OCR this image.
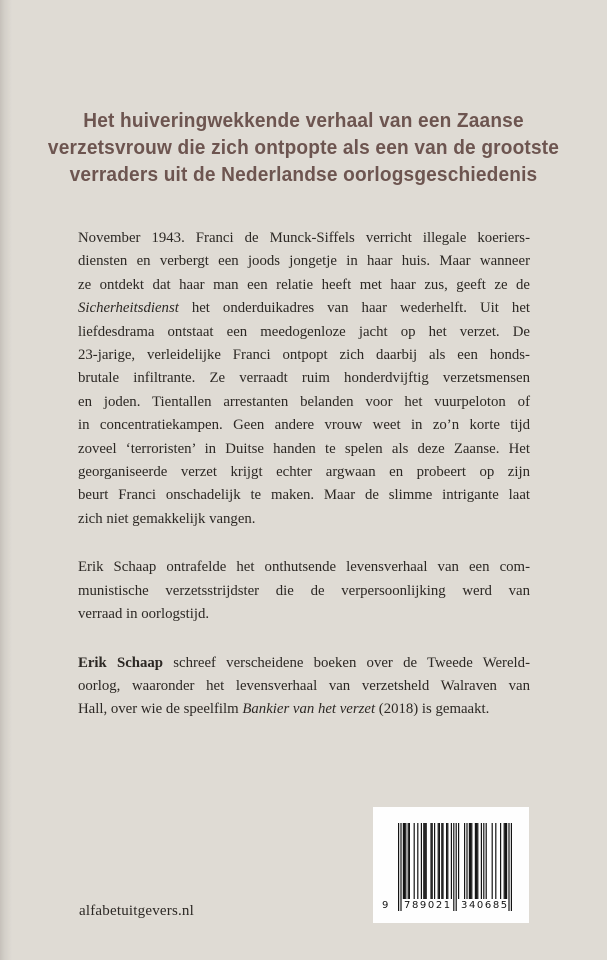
Het huiveringwekkende verhaal van een Zaanse
verzetsvrouw die zich ontpopte als een van de grootste
verraders uit de Nederlandse oorlogsgeschiedenis
November 1943. Franci de Munck-Siffels verricht illegale koeriers-
diensten en verbergt een joods jongetje in haar huis. Maar wanneer
ze ontdekt dat haar man een relatie heeft met haar zus, geeft ze de
Sicherheitsdienst het onderduikadres van haar wederhelft. Uit het
liefdesdrama ontstaat een meedogenloze jacht op het verzet. De
23-jarige, verleidelijke Franci ontpopt zich daarbij als een honds-
brutale infiltrante. Ze verraadt ruim honderdvijftig verzetsmensen
en joden. Tientallen arrestanten belanden voor het vuurpeloton of
in concentratiekampen. Geen andere vrouw weet in zo’n korte tijd
zoveel ‘terroristen’ in Duitse handen te spelen als deze Zaanse. Het
georganiseerde verzet krijgt echter argwaan en probeert op zijn
beurt Franci onschadelijk te maken. Maar de slimme intrigante laat
zich niet gemakkelijk vangen.
Erik Schaap ontrafelde het onthutsende levensverhaal van een com-
munistische verzetsstrijdster die de verpersoonlijking werd van
verraad in oorlogstijd.
Erik Schaap schreef verscheidene boeken over de Tweede Wereld-
oorlog, waaronder het levensverhaal van verzetsheld Walraven van
Hall, over wie de speelfilm Bankier van het verzet (2018) is gemaakt.
alfabetuitgevers.nl	9 789021 340685
